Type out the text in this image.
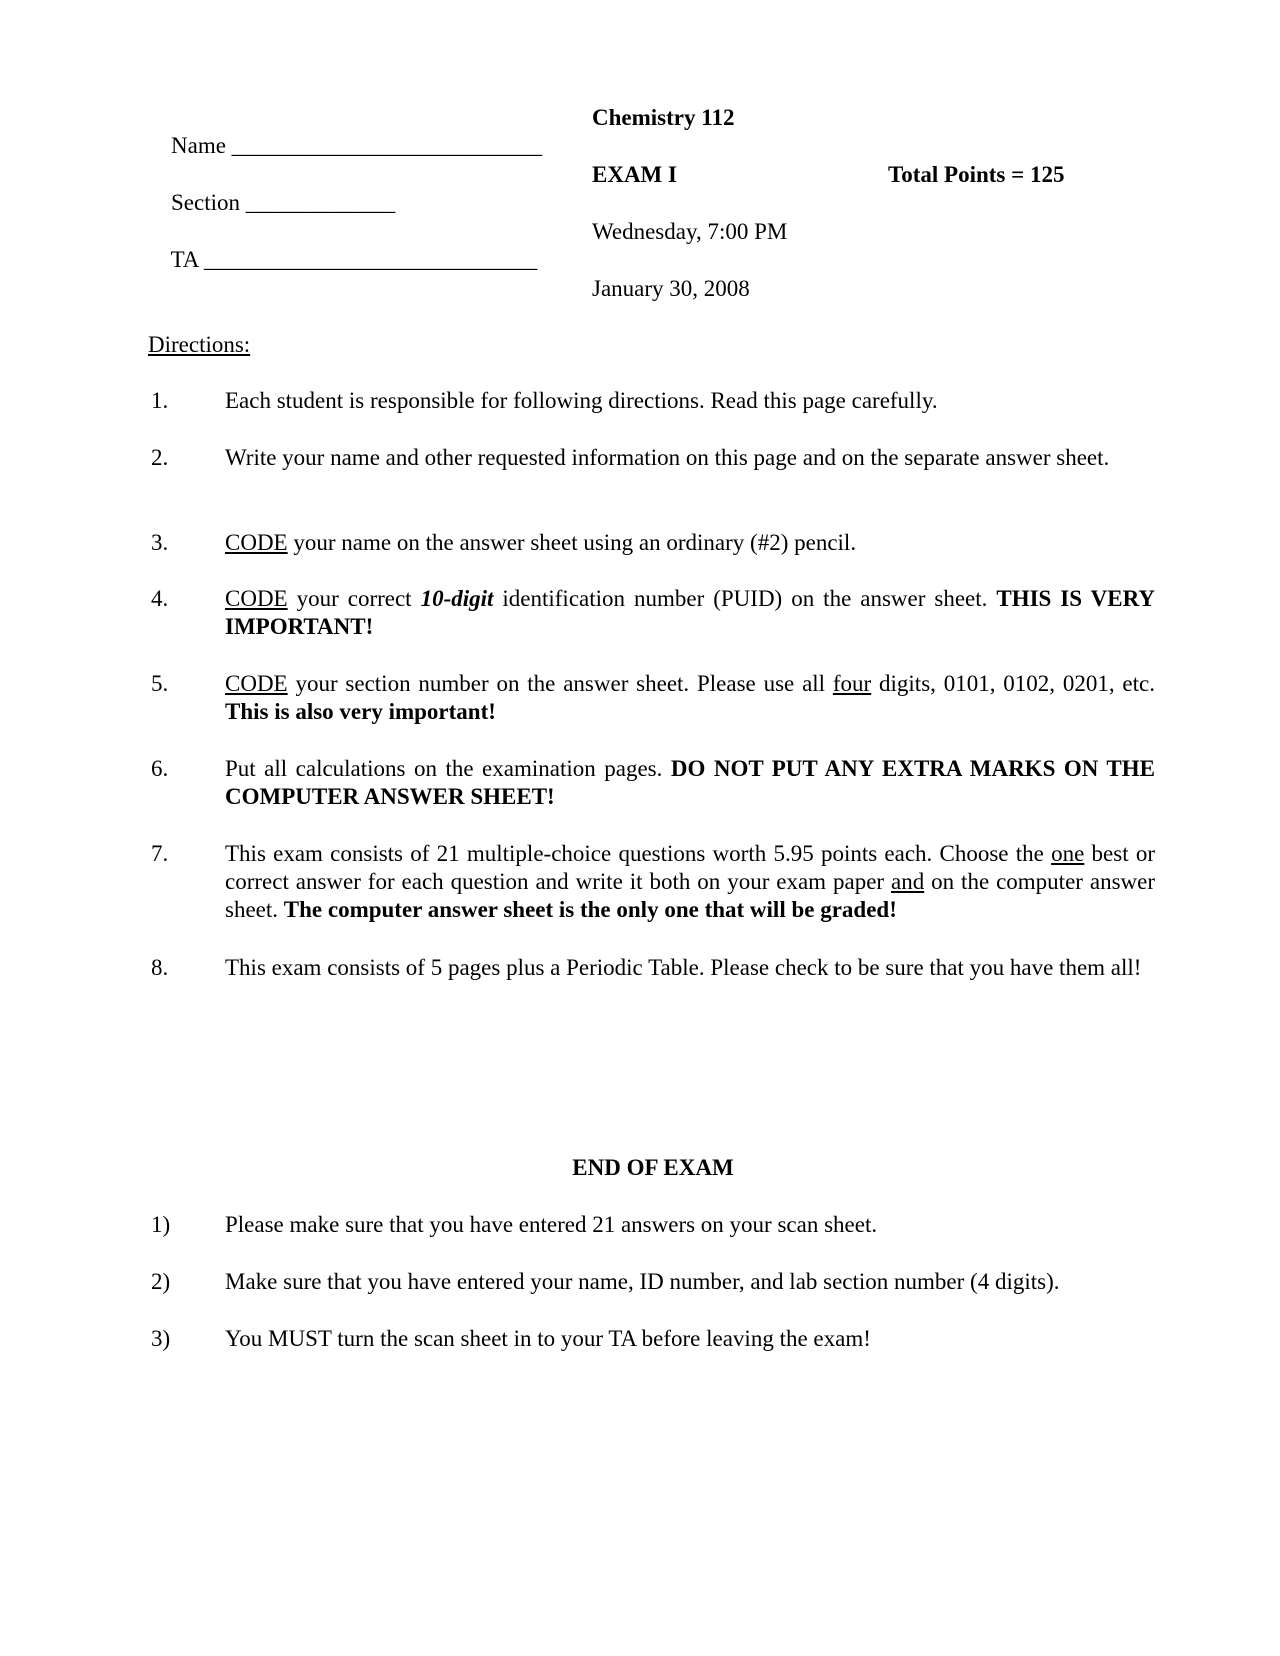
Name ___________________________

Section _____________

TA _____________________________

Chemistry 112
EXAM I
Wednesday, 7:00 PM
January 30, 2008
Total Points = 125
Directions:
1. Each student is responsible for following directions. Read this page carefully.
2. Write your name and other requested information on this page and on the separate answer sheet.
3. CODE your name on the answer sheet using an ordinary (#2) pencil.
4. CODE your correct 10-digit identification number (PUID) on the answer sheet. THIS IS VERY IMPORTANT!
5. CODE your section number on the answer sheet. Please use all four digits, 0101, 0102, 0201, etc. This is also very important!
6. Put all calculations on the examination pages. DO NOT PUT ANY EXTRA MARKS ON THE COMPUTER ANSWER SHEET!
7. This exam consists of 21 multiple-choice questions worth 5.95 points each. Choose the one best or correct answer for each question and write it both on your exam paper and on the computer answer sheet. The computer answer sheet is the only one that will be graded!
8. This exam consists of 5 pages plus a Periodic Table. Please check to be sure that you have them all!
END OF EXAM
1) Please make sure that you have entered 21 answers on your scan sheet.
2) Make sure that you have entered your name, ID number, and lab section number (4 digits).
3) You MUST turn the scan sheet in to your TA before leaving the exam!
